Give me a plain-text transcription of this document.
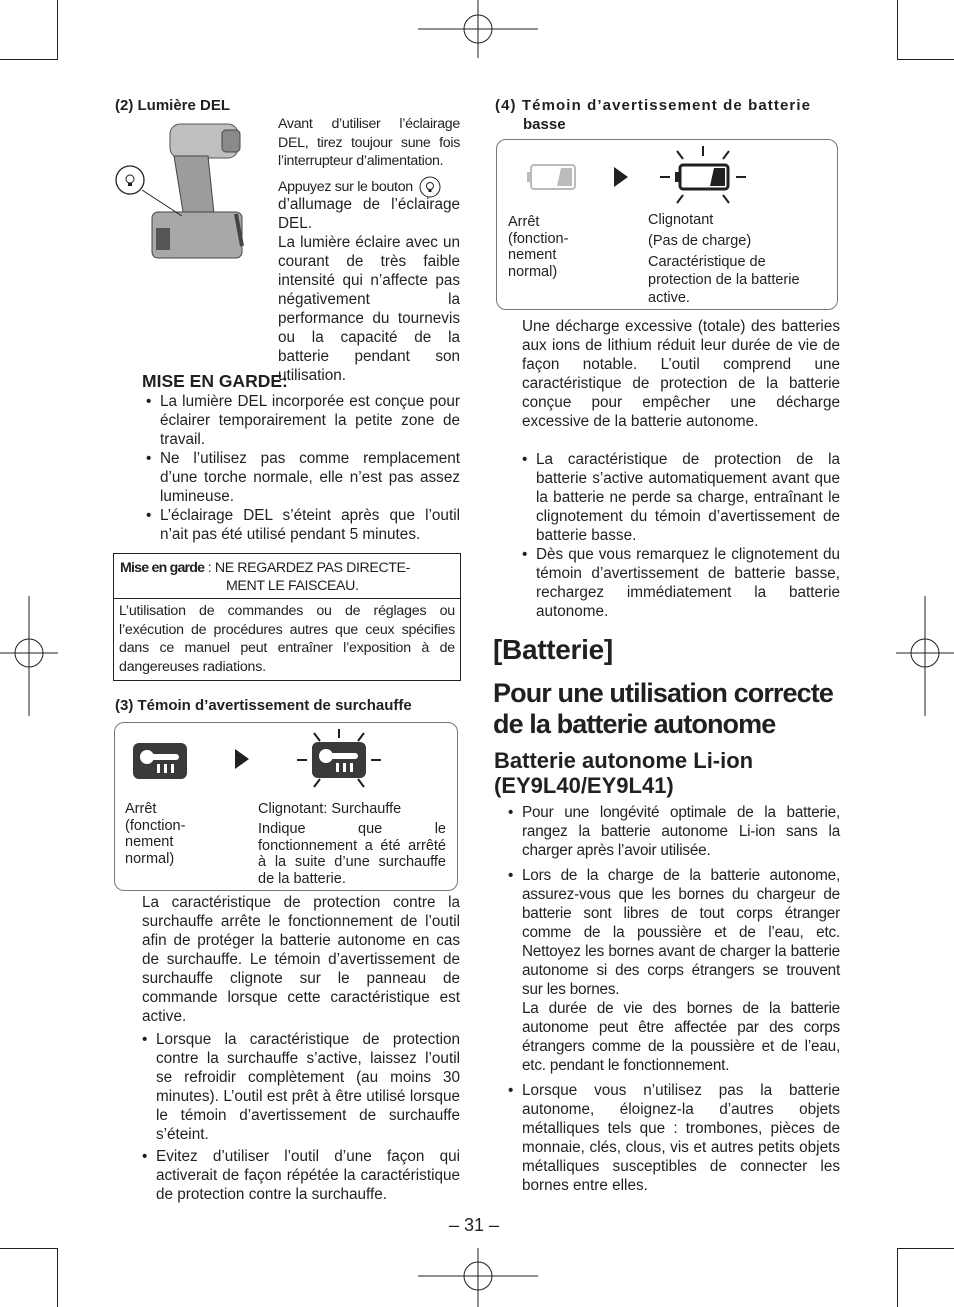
(2) Lumière DEL

Avant d’utiliser l’éclairage DEL, tirez toujour sune fois l’interrupteur d’alimentation.

Appuyez sur le bouton

d’allumage de l’éclairage DEL.

La lumière éclaire avec un courant de très faible intensité qui n’affecte pas négativement la performance du tournevis ou la capacité de la batterie pendant son utilisation.

MISE EN GARDE:

• La lumière DEL incorporée est conçue pour éclairer temporairement la petite zone de travail.

• Ne l’utilisez pas comme remplacement d’une torche normale, elle n’est pas assez lumineuse.

• L’éclairage DEL s’éteint après que l’outil n’ait pas été utilisé pendant 5 minutes.

Mise en garde : NE REGARDEZ PAS DIRECTE-
MENT LE FAISCEAU.

L’utilisation de commandes ou de réglages ou l’exécution de procédures autres que ceux spécifies dans ce manuel peut entraîner l’exposition à de dangereuses radiations.

(3) Témoin d’avertissement de surchauffe
Arrêt (fonction-nement normal)
Clignotant: Surchauffe
Indique que le fonctionnement a été arrêté à la suite d’une surchauffe de la batterie.

La caractéristique de protection contre la surchauffe arrête le fonctionnement de l’outil afin de protéger la batterie autonome en cas de surchauffe. Le témoin d’avertissement de surchauffe clignote sur le panneau de commande lorsque cette caractéristique est active.

• Lorsque la caractéristique de protection contre la surchauffe s’active, laissez l’outil se refroidir complètement (au moins 30 minutes). L’outil est prêt à être utilisé lorsque le témoin d’avertissement de surchauffe s’éteint.

• Evitez d’utiliser l’outil d’une façon qui activerait de façon répétée la caractéristique de protection contre la surchauffe.

(4) Témoin d’avertissement de batterie
basse
Arrêt (fonction-nement normal)
Clignotant
(Pas de charge)
Caractéristique de protection de la batterie active.

Une décharge excessive (totale) des batteries aux ions de lithium réduit leur durée de vie de façon notable. L’outil comprend une caractéristique de protection de la batterie conçue pour empêcher une décharge excessive de la batterie autonome.

• La caractéristique de protection de la batterie s’active automatiquement avant que la batterie ne perde sa charge, entraînant le clignotement du témoin d’avertissement de batterie basse.

• Dès que vous remarquez le clignotement du témoin d’avertissement de batterie basse, rechargez immédiatement la batterie autonome.

[Batterie]
Pour une utilisation correcte
de la batterie autonome
Batterie autonome Li-ion
(EY9L40/EY9L41)

• Pour une longévité optimale de la batterie, rangez la batterie autonome Li-ion sans la charger après l’avoir utilisée.

• Lors de la charge de la batterie autonome, assurez-vous que les bornes du chargeur de batterie sont libres de tout corps étranger comme de la poussière et de l’eau, etc. Nettoyez les bornes avant de charger la batterie autonome si des corps étrangers se trouvent sur les bornes.

La durée de vie des bornes de la batterie autonome peut être affectée par des corps étrangers comme de la poussière et de l’eau, etc. pendant le fonctionnement.

• Lorsque vous n’utilisez pas la batterie autonome, éloignez-la d’autres objets métalliques tels que : trombones, pièces de monnaie, clés, clous, vis et autres petits objets métalliques susceptibles de connecter les bornes entre elles.

– 31 –
